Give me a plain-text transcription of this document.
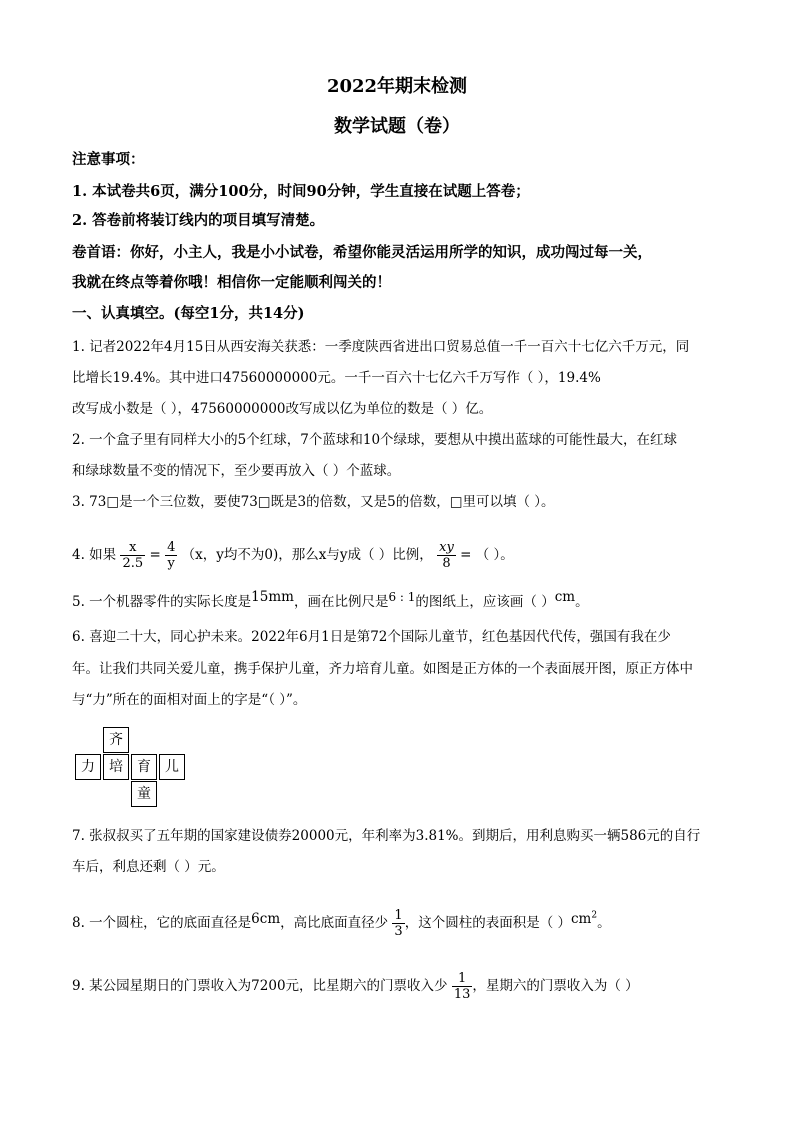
2022年期末检测
数学试题（卷）
注意事项：
1. 本试卷共6页，满分100分，时间90分钟，学生直接在试题上答卷；
2. 答卷前将装订线内的项目填写清楚。
卷首语：你好，小主人，我是小小试卷，希望你能灵活运用所学的知识，成功闯过每一关，
我就在终点等着你哦！相信你一定能顺利闯关的！
一、认真填空。(每空1分，共14分)
1. 记者2022年4月15日从西安海关获悉：一季度陕西省进出口贸易总值一千一百六十七亿六千万元，同
比增长19.4%。其中进口47560000000元。一千一百六十七亿六千万写作（ ），19.4%
改写成小数是（ ），47560000000改写成以亿为单位的数是（ ）亿。
2. 一个盒子里有同样大小的5个红球，7个蓝球和10个绿球，要想从中摸出蓝球的可能性最大，在红球
和绿球数量不变的情况下，至少要再放入（ ）个蓝球。
3. 73□是一个三位数，要使73□既是3的倍数，又是5的倍数，□里可以填（ ）。
4. 如果 $\frac{x}{2.5} = \frac{4}{y} (x$，y均不为0)，那么x与y成（ ）比例， $\frac{xy}{8}$ = （ ）。
5. 一个机器零件的实际长度是15mm，画在比例尺是6 : 1的图纸上，应该画（ ）cm。
6. 喜迎二十大，同心护未来。2022年6月1日是第72个国际儿童节，红色基因代代传，强国有我在少
年。让我们共同关爱儿童，携手保护儿童，齐力培育儿童。如图是正方体的一个表面展开图，原正方体中
与“力”所在的面相对面上的字是“（ ）”。
齐
力	培	育	儿
童
7. 张叔叔买了五年期的国家建设债券20000元，年利率为3.81%。到期后，用利息购买一辆586元的自行
车后，利息还剩（ ）元。
8. 一个圆柱，它的底面直径是6cm，高比底面直径少 $\frac{1}{3}$ ，这个圆柱的表面积是（ ）$cm^2$。
9. 某公园星期日的门票收入为7200元，比星期六的门票收入少 $\frac{1}{13}$ ，星期六的门票收入为（ ）
